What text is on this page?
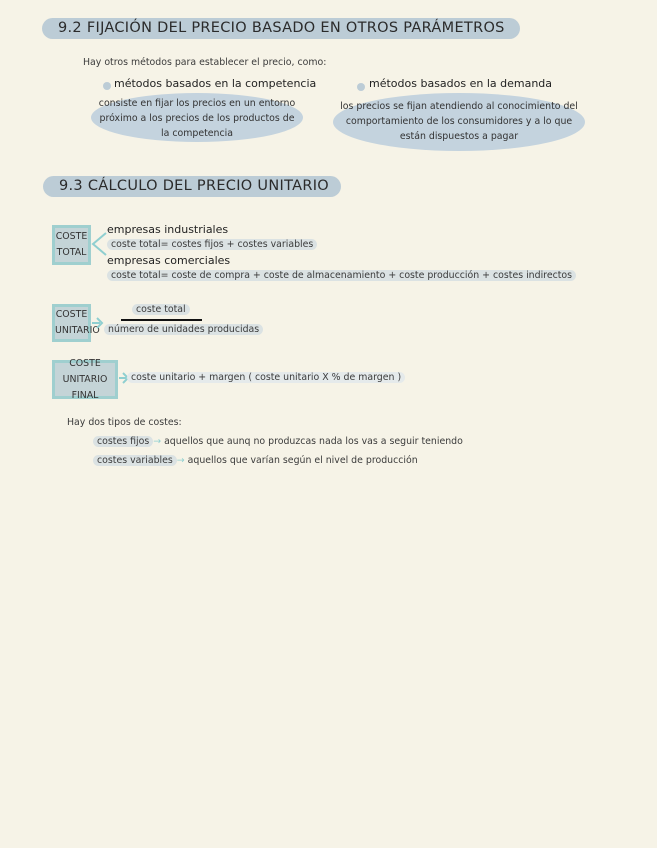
9.2 FIJACIÓN DEL PRECIO BASADO EN OTROS PARÁMETROS
Hay otros métodos para establecer el precio, como:
métodos basados en la competencia
consiste en fijar los precios en un entorno
próximo a los precios de los productos de
la competencia
métodos basados en la demanda
los precios se fijan atendiendo al conocimiento del
comportamiento de los consumidores y a lo que
están dispuestos a pagar
9.3 CÁLCULO DEL PRECIO UNITARIO
COSTE
TOTAL
empresas industriales
coste total= costes fijos + costes variables
empresas comerciales
coste total= coste de compra + coste de almacenamiento + coste producción + costes indirectos
COSTE
UNITARIO
coste total
número de unidades producidas
COSTE
UNITARIO FINAL
coste unitario + margen ( coste unitario X % de margen )
Hay dos tipos de costes:
costes fijos → aquellos que aunq no produzcas nada los vas a seguir teniendo
costes variables → aquellos que varían según el nivel de producción
